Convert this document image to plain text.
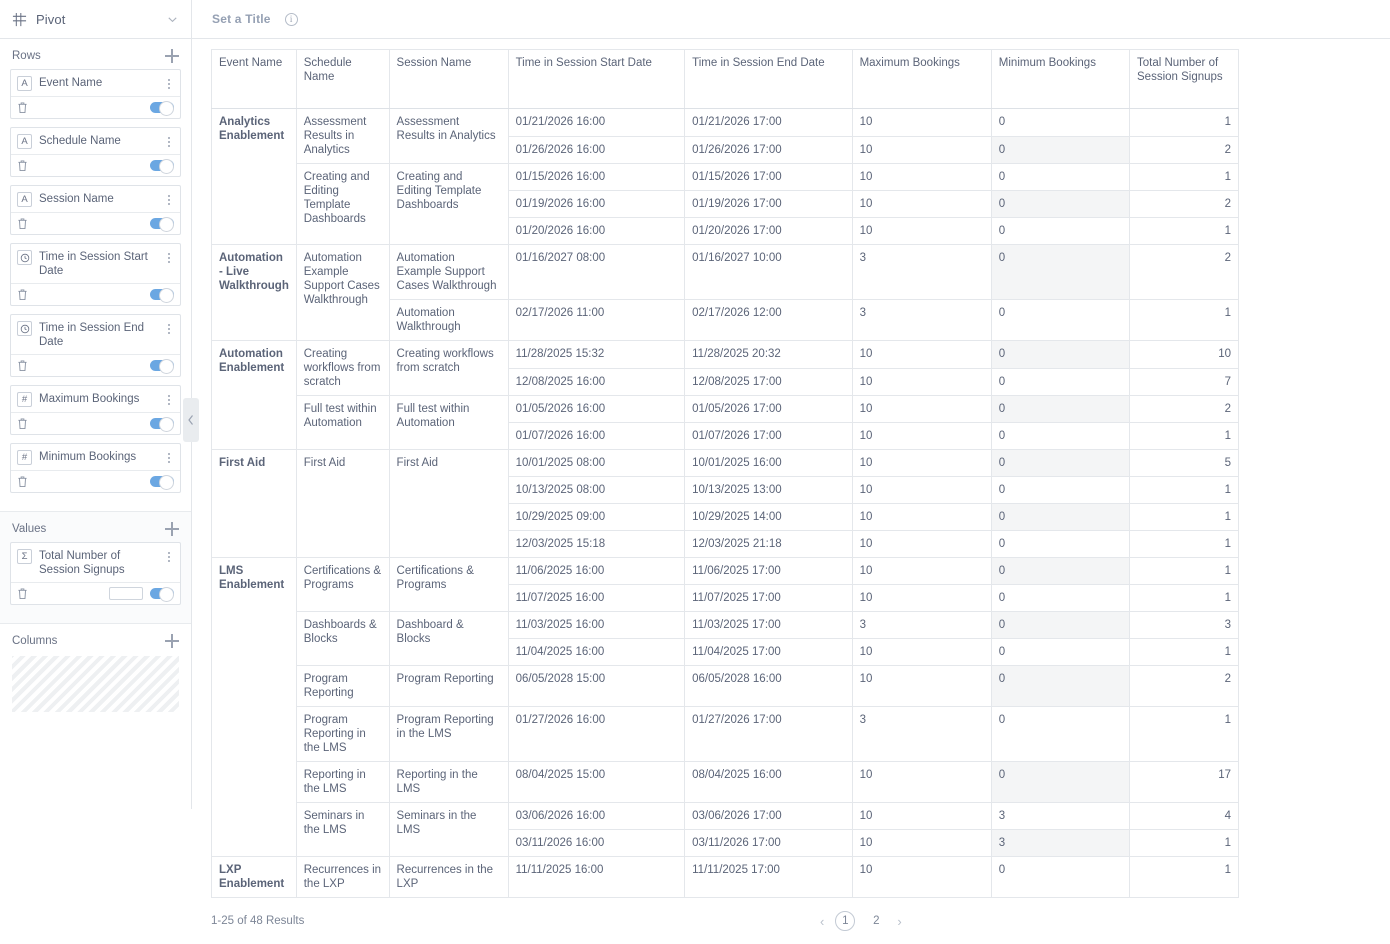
Pivot
Rows
A Event Name
A Schedule Name
A Session Name
Time in Session Start Date
Time in Session End Date
#	Maximum Bookings
#	Minimum Bookings
Values
Σ	Total Number of Session Signups
Columns
Set a Title	i
Event Name	Schedule Name	Session Name	Time in Session Start Date	Time in Session End Date	Maximum Bookings	Minimum Bookings	Total Number of Session Signups
Analytics Enablement	Assessment Results in Analytics	Assessment Results in Analytics	01/21/2026 16:00	01/21/2026 17:00	10	0	1
			01/26/2026 16:00	01/26/2026 17:00	10	0	2
	Creating and Editing Template Dashboards	Creating and Editing Template Dashboards	01/15/2026 16:00	01/15/2026 17:00	10	0	1
			01/19/2026 16:00	01/19/2026 17:00	10	0	2
			01/20/2026 16:00	01/20/2026 17:00	10	0	1
Automation - Live Walkthrough	Automation Example Support Cases Walkthrough	Automation Example Support Cases Walkthrough	01/16/2027 08:00	01/16/2027 10:00	3	0	2
		Automation Walkthrough	02/17/2026 11:00	02/17/2026 12:00	3	0	1
Automation Enablement	Creating workflows from scratch	Creating workflows from scratch	11/28/2025 15:32	11/28/2025 20:32	10	0	10
			12/08/2025 16:00	12/08/2025 17:00	10	0	7
	Full test within Automation	Full test within Automation	01/05/2026 16:00	01/05/2026 17:00	10	0	2
			01/07/2026 16:00	01/07/2026 17:00	10	0	1
First Aid	First Aid	First Aid	10/01/2025 08:00	10/01/2025 16:00	10	0	5
			10/13/2025 08:00	10/13/2025 13:00	10	0	1
			10/29/2025 09:00	10/29/2025 14:00	10	0	1
			12/03/2025 15:18	12/03/2025 21:18	10	0	1
LMS Enablement	Certifications & Programs	Certifications & Programs	11/06/2025 16:00	11/06/2025 17:00	10	0	1
			11/07/2025 16:00	11/07/2025 17:00	10	0	1
	Dashboards & Blocks	Dashboard & Blocks	11/03/2025 16:00	11/03/2025 17:00	3	0	3
			11/04/2025 16:00	11/04/2025 17:00	10	0	1
	Program Reporting	Program Reporting	06/05/2028 15:00	06/05/2028 16:00	10	0	2
	Program Reporting in the LMS	Program Reporting in the LMS	01/27/2026 16:00	01/27/2026 17:00	3	0	1
	Reporting in the LMS	Reporting in the LMS	08/04/2025 15:00	08/04/2025 16:00	10	0	17
	Seminars in the LMS	Seminars in the LMS	03/06/2026 16:00	03/06/2026 17:00	10	3	4
			03/11/2026 16:00	03/11/2026 17:00	10	3	1
LXP Enablement	Recurrences in the LXP	Recurrences in the LXP	11/11/2025 16:00	11/11/2025 17:00	10	0	1
1-25 of 48 Results	‹	1	2	›
